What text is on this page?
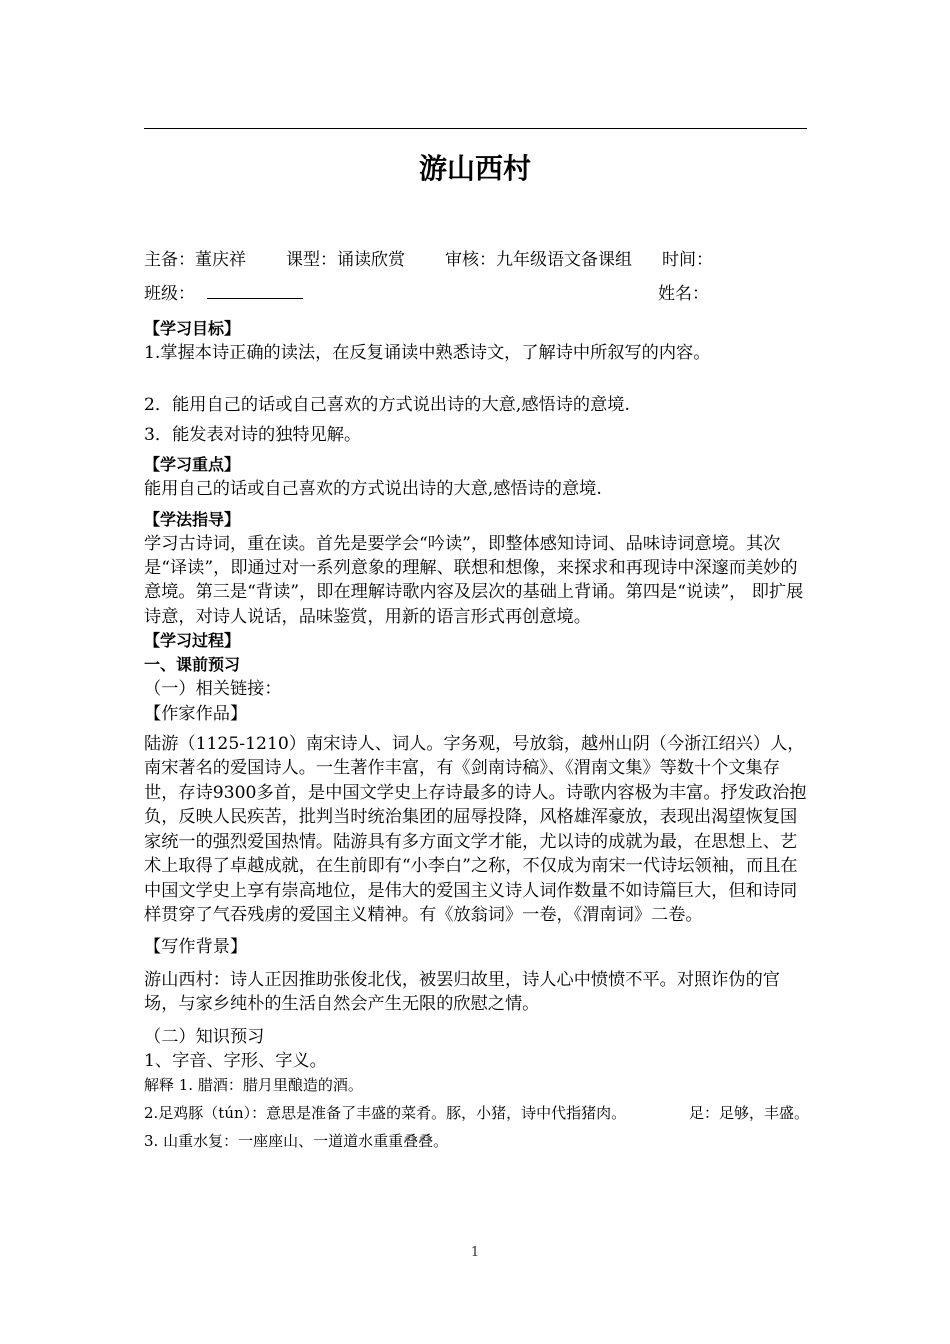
游山西村
主备：董庆祥 课型：诵读欣赏 审核：九年级语文备课组 时间：
班级：	姓名：
【学习目标】

1.掌握本诗正确的读法，在反复诵读中熟悉诗文，了解诗中所叙写的内容。

2．能用自己的话或自己喜欢的方式说出诗的大意,感悟诗的意境.

3．能发表对诗的独特见解。

【学习重点】

能用自己的话或自己喜欢的方式说出诗的大意,感悟诗的意境.

【学法指导】

学习古诗词，重在读。首先是要学会“吟读”，即整体感知诗词、品味诗词意境。其次是“译读”，即通过对一系列意象的理解、联想和想像，来探求和再现诗中深邃而美妙的意境。第三是“背读”，即在理解诗歌内容及层次的基础上背诵。第四是“说读”， 即扩展诗意，对诗人说话，品味鉴赏，用新的语言形式再创意境。

【学习过程】
一、课前预习

（一）相关链接：

【作家作品】

陆游（1125-1210）南宋诗人、词人。字务观，号放翁，越州山阴（今浙江绍兴）人，南宋著名的爱国诗人。一生著作丰富，有《剑南诗稿》、《渭南文集》等数十个文集存世，存诗9300多首，是中国文学史上存诗最多的诗人。诗歌内容极为丰富。抒发政治抱负，反映人民疾苦，批判当时统治集团的屈辱投降，风格雄浑豪放，表现出渴望恢复国家统一的强烈爱国热情。陆游具有多方面文学才能，尤以诗的成就为最，在思想上、艺术上取得了卓越成就，在生前即有“小李白”之称，不仅成为南宋一代诗坛领袖，而且在中国文学史上享有崇高地位，是伟大的爱国主义诗人词作数量不如诗篇巨大，但和诗同样贯穿了气吞残虏的爱国主义精神。有《放翁词》一卷，《渭南词》二卷。

【写作背景】

游山西村：诗人正因推助张俊北伐，被罢归故里，诗人心中愤愤不平。对照诈伪的官场，与家乡纯朴的生活自然会产生无限的欣慰之情。

（二）知识预习

1、字音、字形、字义。

解释 1. 腊酒：腊月里酿造的酒。

2.足鸡豚（tún）：意思是准备了丰盛的菜肴。豚，小猪，诗中代指猪肉。	足：足够，丰盛。

3. 山重水复：一座座山、一道道水重重叠叠。

1
